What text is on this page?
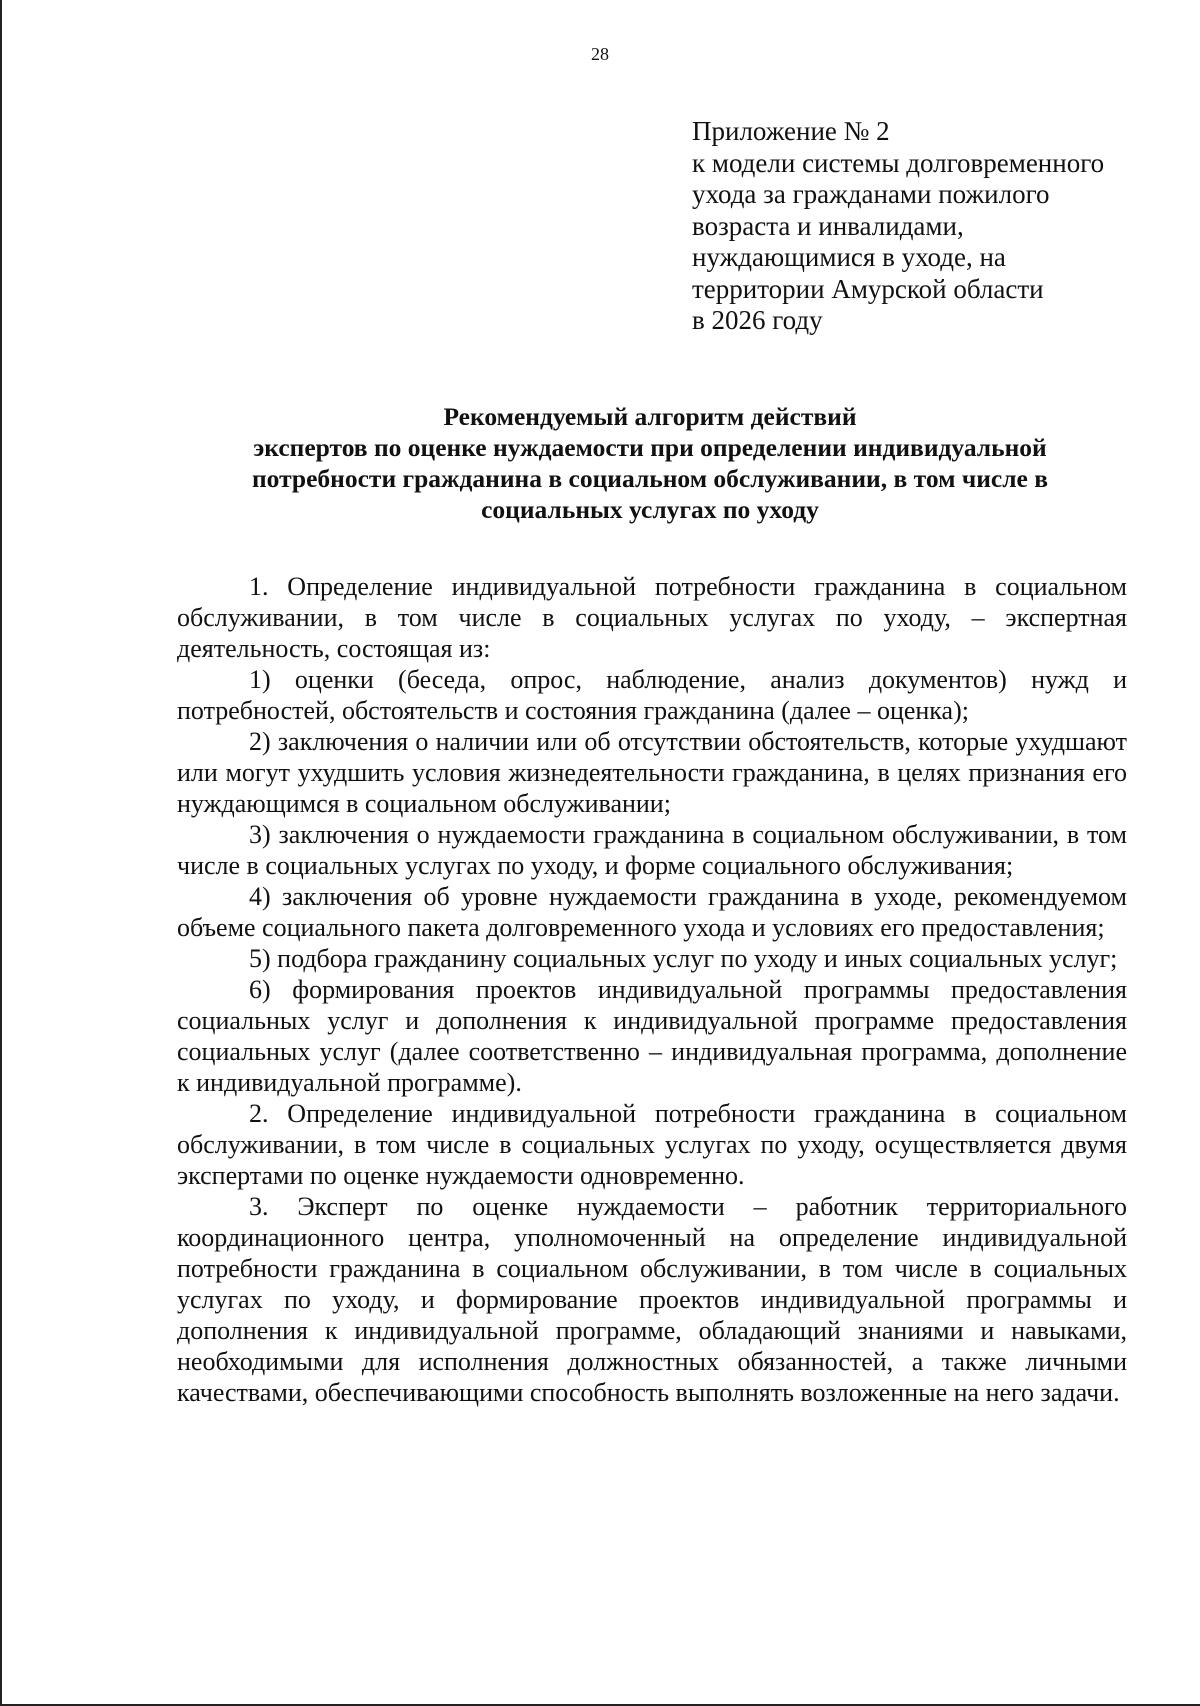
28
Приложение № 2
к модели системы долговременного
ухода за гражданами пожилого
возраста и инвалидами,
нуждающимися в уходе, на
территории Амурской области
в 2026 году
Рекомендуемый алгоритм действий
экспертов по оценке нуждаемости при определении индивидуальной
потребности гражданина в социальном обслуживании, в том числе в
социальных услугах по уходу

1. Определение индивидуальной потребности гражданина в социальном обслуживании, в том числе в социальных услугах по уходу, – экспертная деятельность, состоящая из:

1) оценки (беседа, опрос, наблюдение, анализ документов) нужд и потребностей, обстоятельств и состояния гражданина (далее – оценка);

2) заключения о наличии или об отсутствии обстоятельств, которые ухудшают или могут ухудшить условия жизнедеятельности гражданина, в целях признания его нуждающимся в социальном обслуживании;

3) заключения о нуждаемости гражданина в социальном обслуживании, в том числе в социальных услугах по уходу, и форме социального обслуживания;

4) заключения об уровне нуждаемости гражданина в уходе, рекомендуемом объеме социального пакета долговременного ухода и условиях его предоставления;

5) подбора гражданину социальных услуг по уходу и иных социальных услуг;

6) формирования проектов индивидуальной программы предоставления социальных услуг и дополнения к индивидуальной программе предоставления социальных услуг (далее соответственно – индивидуальная программа, дополнение к индивидуальной программе).

2. Определение индивидуальной потребности гражданина в социальном обслуживании, в том числе в социальных услугах по уходу, осуществляется двумя экспертами по оценке нуждаемости одновременно.

3. Эксперт по оценке нуждаемости – работник территориального координационного центра, уполномоченный на определение индивидуальной потребности гражданина в социальном обслуживании, в том числе в социальных услугах по уходу, и формирование проектов индивидуальной программы и дополнения к индивидуальной программе, обладающий знаниями и навыками, необходимыми для исполнения должностных обязанностей, а также личными качествами, обеспечивающими способность выполнять возложенные на него задачи.
